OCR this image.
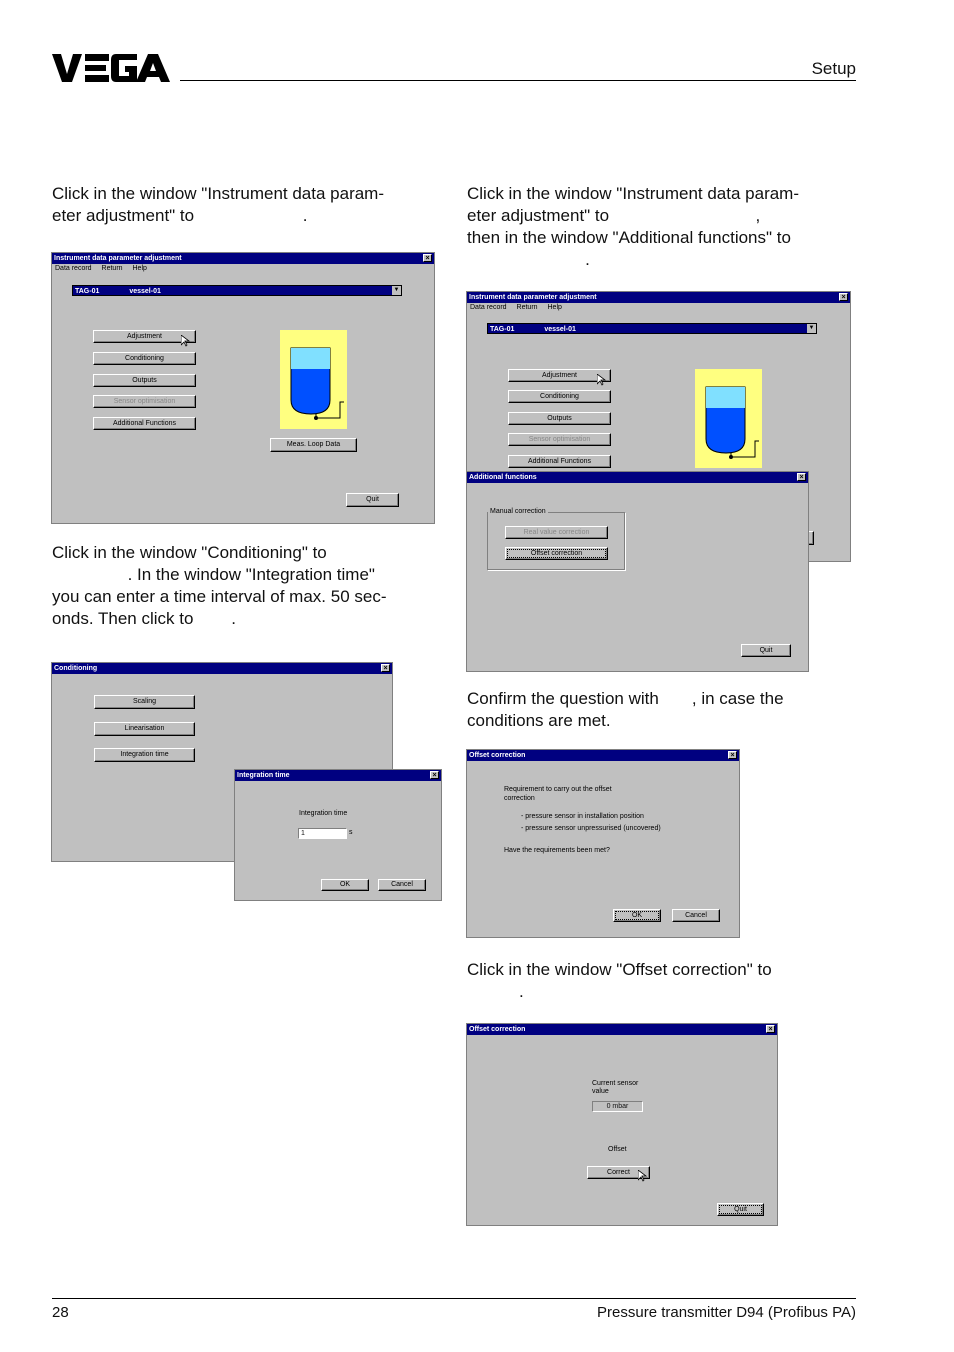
Setup
Click in the window "Instrument data param-
eter adjustment" to                       .
Instrument data parameter adjustment	×
Data record Return Help
TAG-01	vessel-01	▼
Adjustment
Conditioning
Outputs
Sensor optimisation
Additional Functions
Meas. Loop Data
Quit
Click in the window "Conditioning" to
. In the window "Integration time"
you can enter a time interval of max. 50 sec-
onds. Then click to        .
Conditioning	×
Scaling
Linearisation
Integration time
Integration time	×
Integration time
1	s
OK	Cancel
Click in the window "Instrument data param-
eter adjustment" to                               ,
then in the window "Additional functions" to
.
Instrument data parameter adjustment	×
Data record Return Help
TAG-01	vessel-01	▼
Adjustment
Conditioning
Outputs
Sensor optimisation
Additional Functions
Additional functions	×
Manual correction
Real value correction
Offset correction
Quit
Confirm the question with       , in case the
conditions are met.
Offset correction	×
Requirement to carry out the offset
correction
- pressure sensor in installation position
- pressure sensor unpressurised (uncovered)
Have the requirements been met?
OK	Cancel
Click in the window "Offset correction" to
.
Offset correction	×
Current sensor
value
0 mbar
Offset
Correct
Quit
28	Pressure transmitter D94 (Profibus PA)
